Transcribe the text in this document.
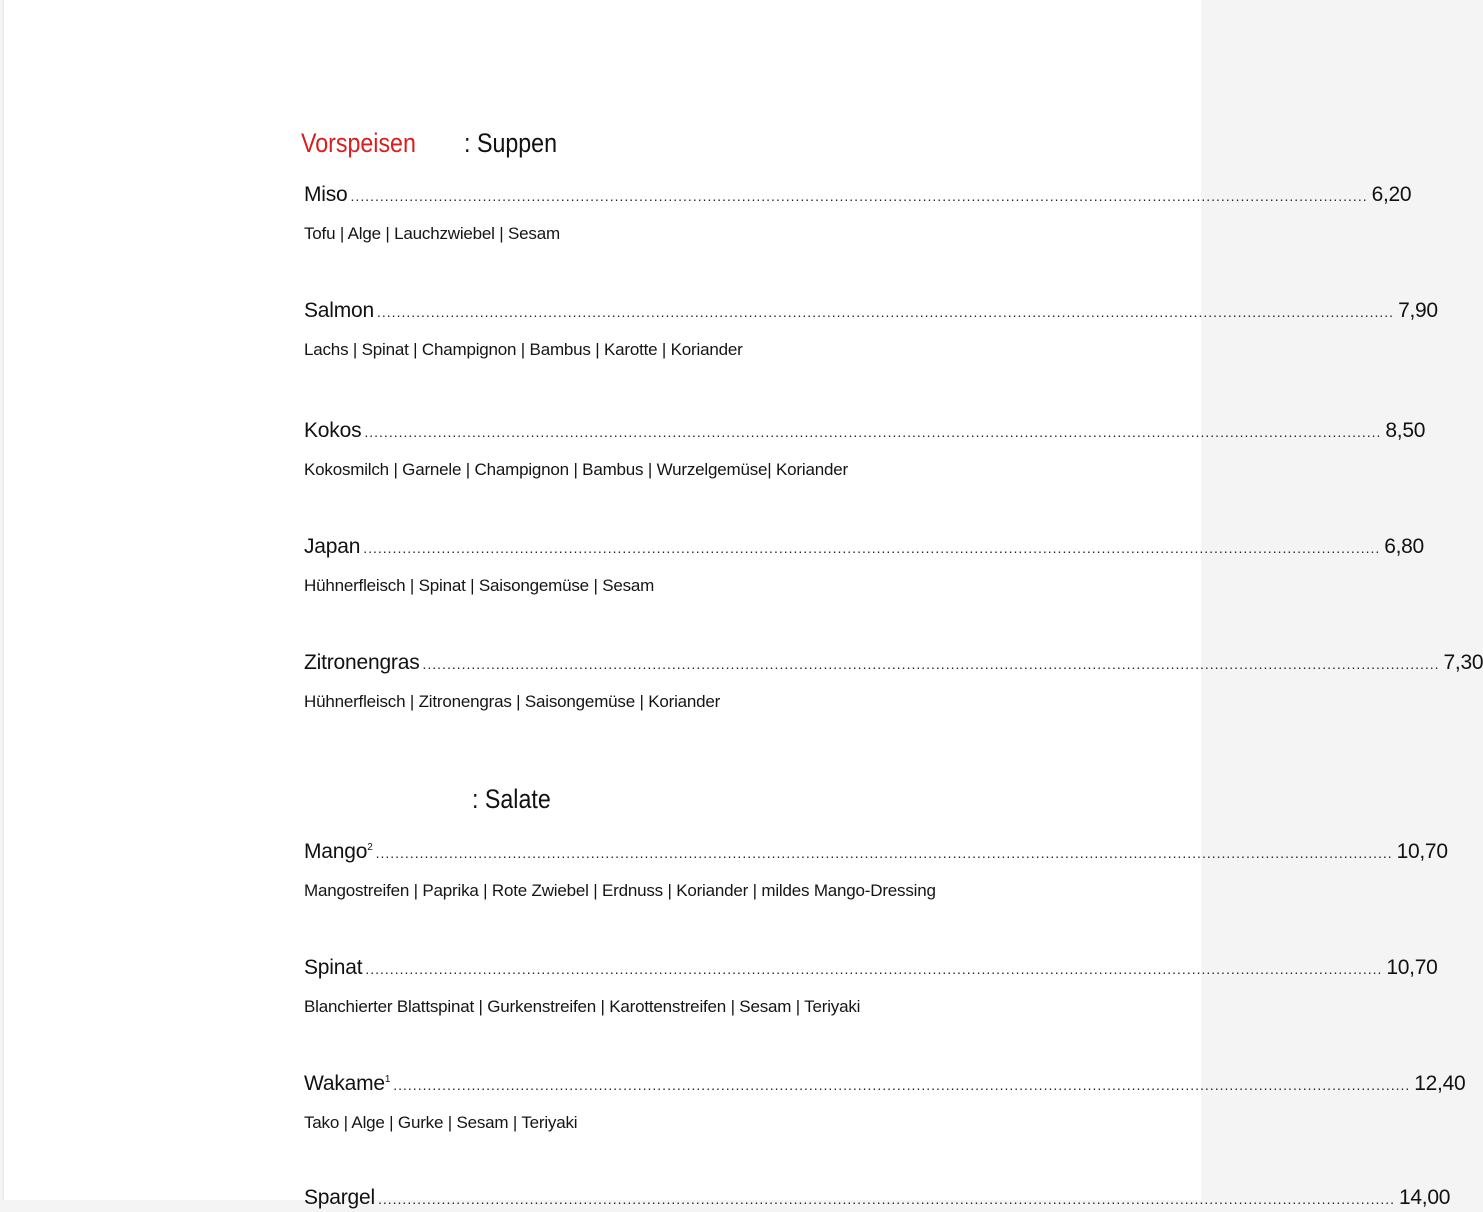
Vorspeisen : Suppen
Miso ................................................................................................................................................................................................................ 6,20
Tofu | Alge | Lauchzwiebel | Sesam
Salmon ................................................................................................................................................................................................................ 7,90
Lachs | Spinat | Champignon | Bambus | Karotte | Koriander
Kokos ................................................................................................................................................................................................................ 8,50
Kokosmilch | Garnele | Champignon | Bambus | Wurzelgemüse| Koriander
Japan ................................................................................................................................................................................................................ 6,80
Hühnerfleisch | Spinat | Saisongemüse | Sesam
Zitronengras ................................................................................................................................................................................................................ 7,30
Hühnerfleisch | Zitronengras | Saisongemüse | Koriander
: Salate
Mango$^2$ ................................................................................................................................................................................................................ 10,70
Mangostreifen | Paprika | Rote Zwiebel | Erdnuss | Koriander | mildes Mango-Dressing
Spinat ................................................................................................................................................................................................................ 10,70
Blanchierter Blattspinat | Gurkenstreifen | Karottenstreifen | Sesam | Teriyaki
Wakame$^1$ ................................................................................................................................................................................................................ 12,40
Tako | Alge | Gurke | Sesam | Teriyaki
Spargel ................................................................................................................................................................................................................ 14,00
